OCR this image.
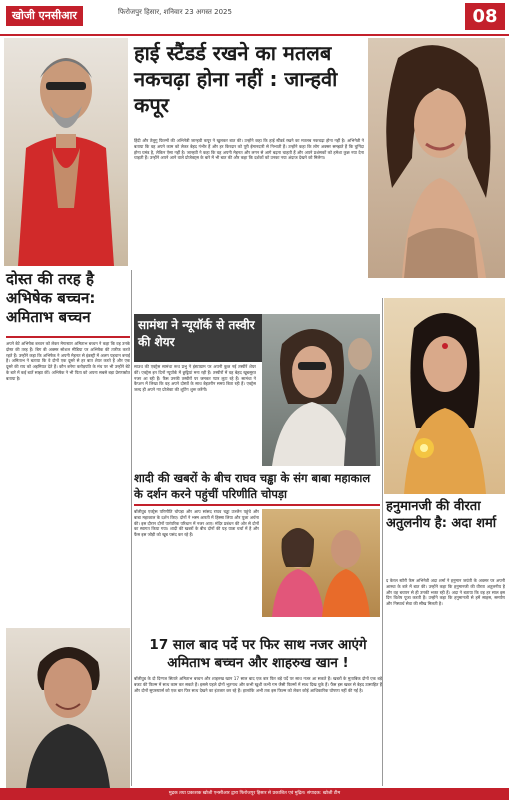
खोजी एनसीआर	फिरोजपुर हिसार, शनिवार 23 अगस्त 2025	08
हाई स्टैंडर्ड रखने का मतलब नकचढ़ा होना नहीं : जान्हवी कपूर
हिंदी और तेलुगु फिल्मों की अभिनेत्री जान्हवी कपूर ने खुलकर बात की। उन्होंने कहा कि हाई स्टैंडर्ड रखने का मतलब नकचढ़ा होना नहीं है। अभिनेत्री ने बताया कि वह अपने काम को लेकर बेहद गंभीर हैं और हर किरदार को पूरी ईमानदारी से निभाती हैं। उन्होंने कहा कि लोग अक्सर समझते हैं कि चुनिंदा होना घमंड है, लेकिन ऐसा नहीं है। जान्हवी ने कहा कि वह अपनी मेहनत और लगन से आगे बढ़ना चाहती हैं और अपने प्रशंसकों को हमेशा कुछ नया देना चाहती हैं। उन्होंने अपने आने वाले प्रोजेक्ट्स के बारे में भी बात की और कहा कि दर्शकों को उनका नया अंदाज देखने को मिलेगा।
दोस्त की तरह है अभिषेक बच्चन: अमिताभ बच्चन
अपने बेटे अभिषेक बच्चन को लेकर मेगास्टार अमिताभ बच्चन ने कहा कि वह उनके दोस्त की तरह हैं। बिग बी अक्सर सोशल मीडिया पर अभिषेक की तारीफ करते रहते हैं। उन्होंने कहा कि अभिषेक ने अपनी मेहनत से इंडस्ट्री में अलग पहचान बनाई है। अमिताभ ने बताया कि वे दोनों एक दूसरे से हर बात शेयर करते हैं और एक दूसरे की राय को अहमियत देते हैं। कौन बनेगा करोड़पति के मंच पर भी उन्होंने बेटे के बारे में कई बातें साझा कीं। अभिषेक ने भी पिता को अपना सबसे बड़ा प्रेरणास्रोत बताया है।
सामंथा ने न्यूयॉर्क से तस्वीर की शेयर
साउथ की एक्ट्रेस सामंथा रूथ प्रभु ने इंस्टाग्राम पर अपनी कुछ नई तस्वीरें शेयर कीं। एक्ट्रेस इन दिनों न्यूयॉर्क में छुट्टियां मना रही हैं। तस्वीरों में वह बेहद खूबसूरत नजर आ रही हैं। फैंस उनकी तस्वीरों पर जमकर प्यार लुटा रहे हैं। सामंथा ने कैप्शन में लिखा कि वह अपने दोस्तों के साथ बेहतरीन समय बिता रही हैं। एक्ट्रेस जल्द ही अपने नए प्रोजेक्ट की शूटिंग शुरू करेंगी।
शादी की खबरों के बीच राघव चड्ढा के संग बाबा महाकाल के दर्शन करने पहुंचीं परिणीति चोपड़ा
बॉलीवुड एक्ट्रेस परिणीति चोपड़ा और आप सांसद राघव चड्ढा उज्जैन पहुंचे और बाबा महाकाल के दर्शन किए। दोनों ने भस्म आरती में हिस्सा लिया और पूजा अर्चना की। इस दौरान दोनों पारंपरिक परिधान में नजर आए। मंदिर प्रबंधन की ओर से दोनों का स्वागत किया गया। शादी की खबरों के बीच दोनों की यह यात्रा चर्चा में है और फैंस इस जोड़ी को खूब पसंद कर रहे हैं।
हनुमानजी की वीरता अतुलनीय है: अदा शर्मा
द केरल स्टोरी फेम अभिनेत्री अदा शर्मा ने हनुमान जयंती के अवसर पर अपनी आस्था के बारे में बात की। उन्होंने कहा कि हनुमानजी की वीरता अतुलनीय है और वह बचपन से ही उनकी भक्त रही हैं। अदा ने बताया कि वह हर साल इस दिन विशेष पूजा करती हैं। उन्होंने कहा कि हनुमानजी से हमें साहस, समर्पण और निस्वार्थ सेवा की सीख मिलती है।
17 साल बाद पर्दे पर फिर साथ नजर आएंगे अमिताभ बच्चन और शाहरुख खान !
बॉलीवुड के दो दिग्गज सितारे अमिताभ बच्चन और शाहरुख खान 17 साल बाद एक बार फिर बड़े पर्दे पर साथ नजर आ सकते हैं। खबरों के मुताबिक दोनों एक बड़े बजट की फिल्म में साथ काम कर सकते हैं। इससे पहले दोनों भूतनाथ और कभी खुशी कभी गम जैसी फिल्मों में साथ दिख चुके हैं। फैंस इस खबर से बेहद उत्साहित हैं और दोनों सुपरस्टार्स को एक बार फिर साथ देखने का इंतजार कर रहे हैं। हालांकि अभी तक इस फिल्म को लेकर कोई आधिकारिक घोषणा नहीं की गई है।
मुद्रक तथा प्रकाशक खोजी एनसीआर द्वारा फिरोजपुर हिसार से प्रकाशित एवं मुद्रित। संपादक: खोजी टीम
